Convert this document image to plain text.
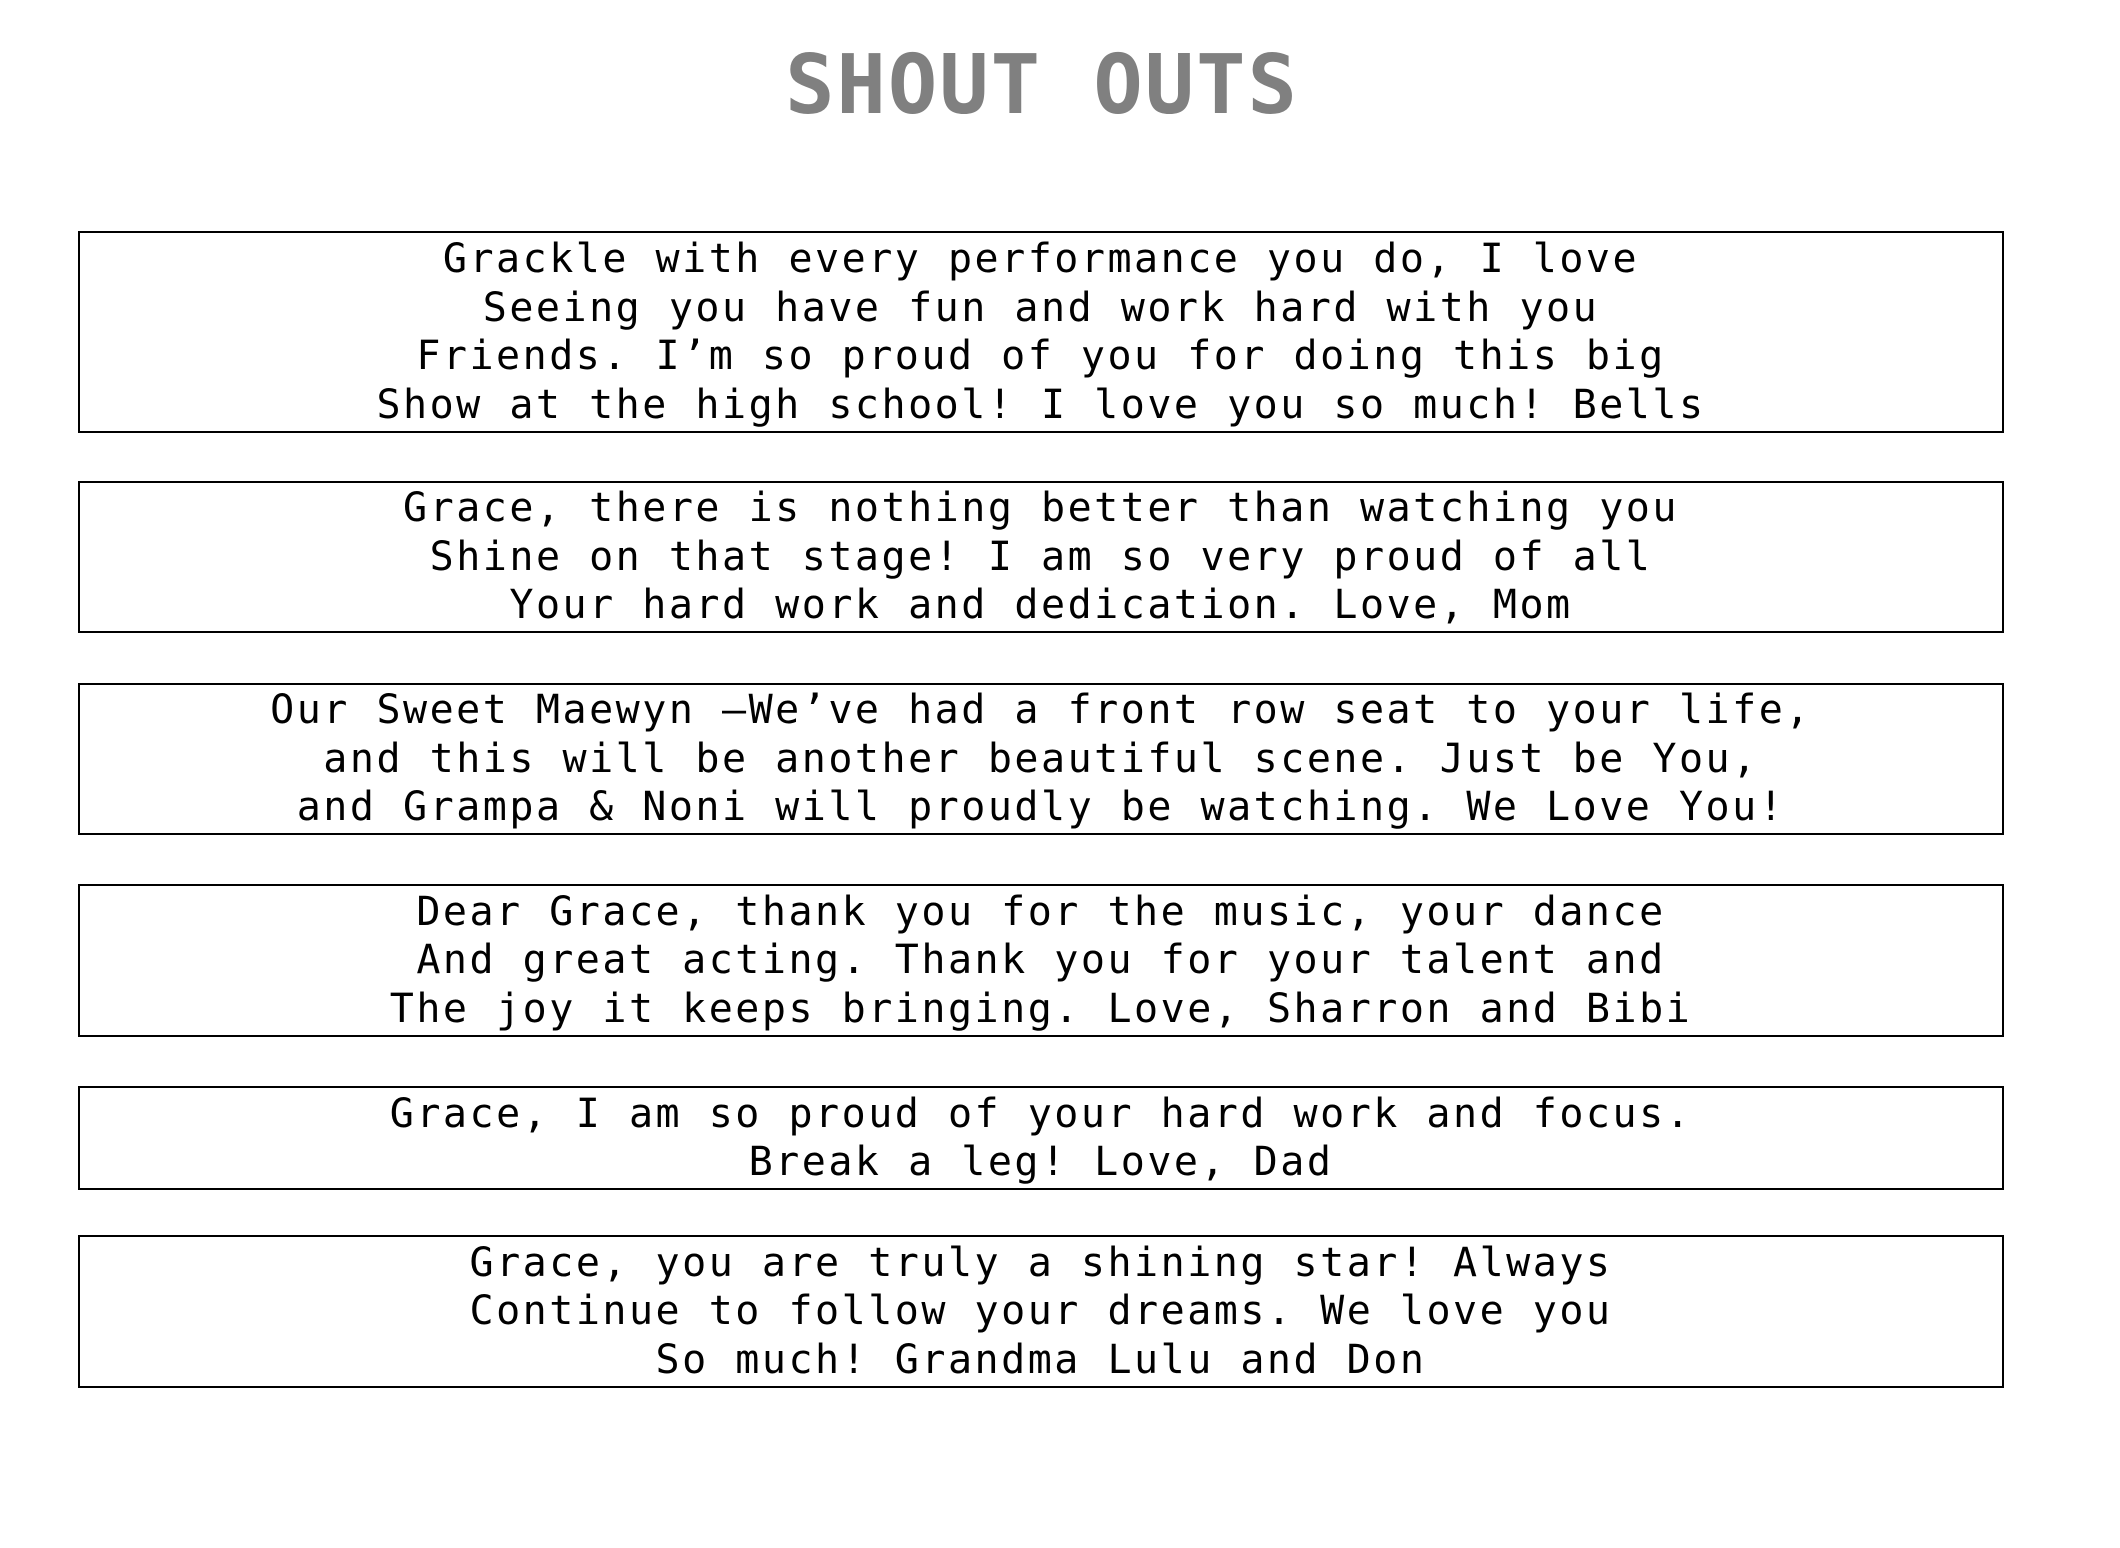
SHOUT OUTS
Grackle with every performance you do, I love
Seeing you have fun and work hard with you
Friends. I’m so proud of you for doing this big
Show at the high school! I love you so much! Bells
Grace, there is nothing better than watching you
Shine on that stage! I am so very proud of all
Your hard work and dedication. Love, Mom
Our Sweet Maewyn –We’ve had a front row seat to your life,
and this will be another beautiful scene. Just be You,
and Grampa & Noni will proudly be watching. We Love You!
Dear Grace, thank you for the music, your dance
And great acting. Thank you for your talent and
The joy it keeps bringing. Love, Sharron and Bibi
Grace, I am so proud of your hard work and focus.
Break a leg! Love, Dad
Grace, you are truly a shining star! Always
Continue to follow your dreams. We love you
So much! Grandma Lulu and Don
